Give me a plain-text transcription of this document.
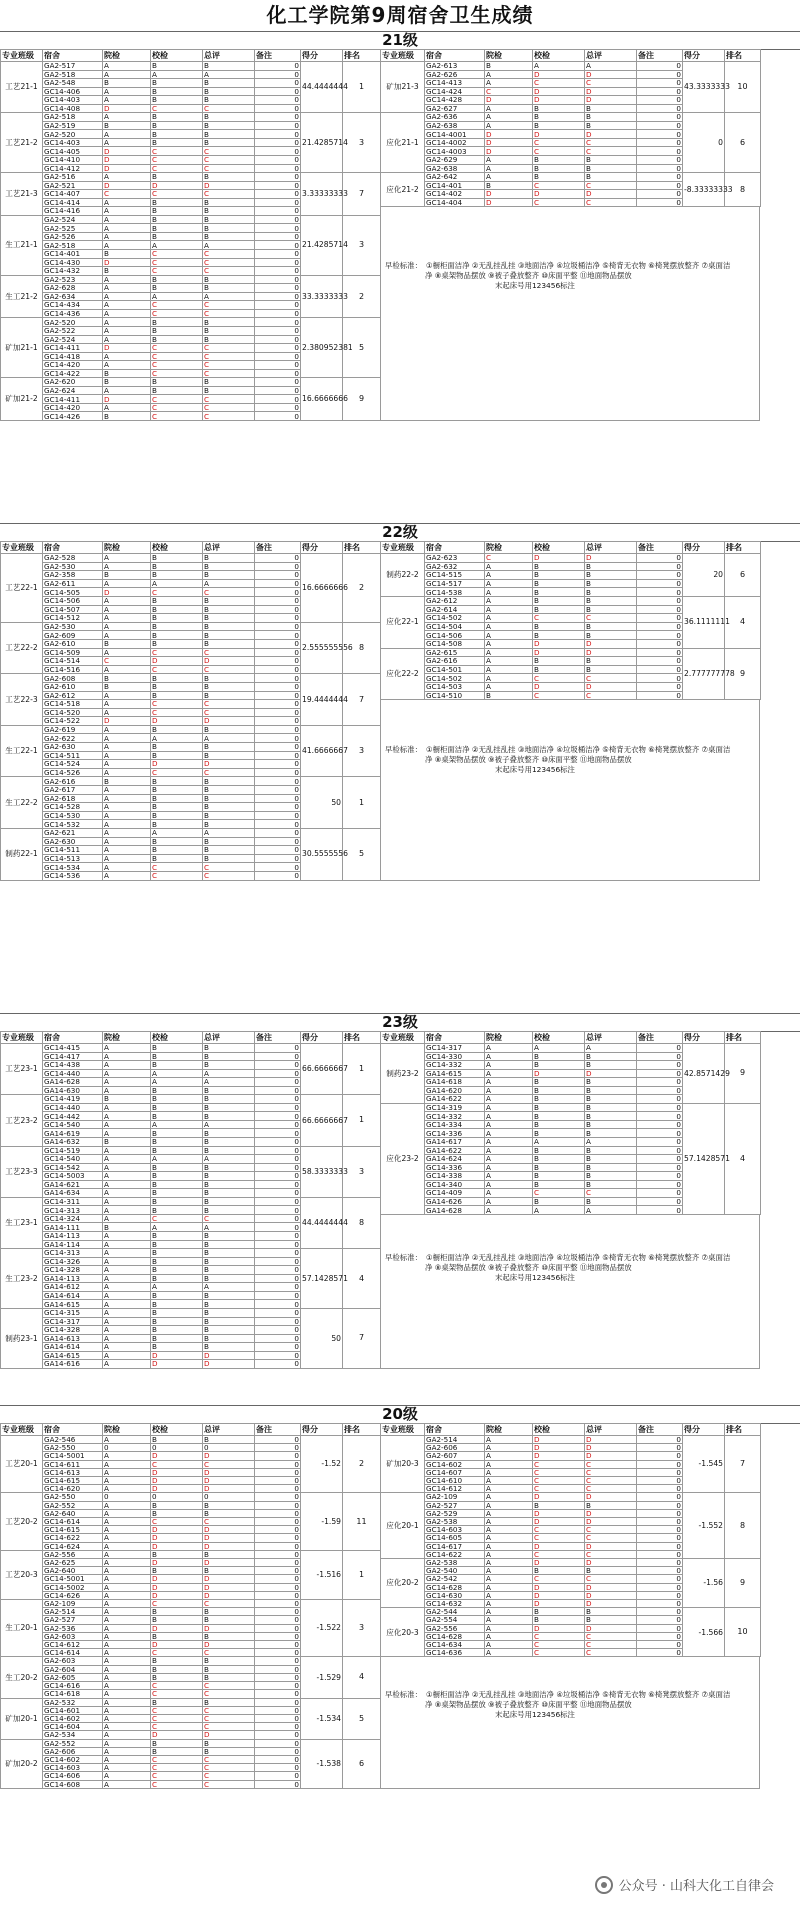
化工学院第9周宿舍卫生成绩
21级
专业班级	宿舍	院检	校检	总评	备注	得分	排名
工艺21-1	GA2-517	A	B	B	0	44.4444444	1
	GA2-518	A	A	A	0		
	GA2-548	B	B	B	0		
	GC14-406	A	B	B	0		
	GC14-403	A	B	B	0		
	GC14-408	D	C	C	0		
工艺21-2	GA2-518	A	B	B	0	21.4285714	3
	GA2-519	B	B	B	0		
	GA2-520	A	B	B	0		
	GC14-403	A	B	B	0		
	GC14-405	D	C	C	0		
	GC14-410	D	C	C	0		
	GC14-412	D	C	C	0		
工艺21-3	GA2-516	A	B	B	0	3.33333333	7
	GA2-521	D	D	D	0		
	GC14-407	C	C	C	0		
	GC14-414	A	B	B	0		
	GC14-416	A	B	B	0		
生工21-1	GA2-524	A	B	B	0	21.4285714	3
	GA2-525	A	B	B	0		
	GA2-526	A	B	B	0		
	GA2-518	A	A	A	0		
	GC14-401	B	C	C	0		
	GC14-430	D	C	C	0		
	GC14-432	B	C	C	0		
生工21-2	GA2-523	A	B	B	0	33.3333333	2
	GA2-628	A	B	B	0		
	GA2-634	A	A	A	0		
	GC14-434	A	C	C	0		
	GC14-436	A	C	C	0		
矿加21-1	GA2-520	A	B	B	0	2.380952381	5
	GA2-522	A	B	B	0		
	GA2-524	A	B	B	0		
	GC14-411	D	C	C	0		
	GC14-418	A	C	C	0		
	GC14-420	A	C	C	0		
	GC14-422	B	C	C	0		
矿加21-2	GA2-620	B	B	B	0	16.6666666	9
	GA2-624	A	B	B	0		
	GC14-411	D	C	C	0		
	GC14-420	A	C	C	0		
	GC14-426	B	C	C	0		
专业班级	宿舍	院检	校检	总评	备注	得分	排名
矿加21-3	GA2-613	B	A	A	0	43.3333333	10
	GA2-626	A	D	D	0		
	GC14-413	A	C	C	0		
	GC14-424	C	D	D	0		
	GC14-428	D	D	D	0		
	GA2-627	A	B	B	0		
应化21-1	GA2-636	A	B	B	0	0	6
	GA2-638	A	B	B	0		
	GC14-4001	D	D	D	0		
	GC14-4002	D	C	C	0		
	GC14-4003	D	C	C	0		
	GA2-629	A	B	B	0		
	GA2-638	A	B	B	0		
应化21-2	GA2-642	A	B	B	0	-8.33333333	8
	GC14-401	B	C	C	0		
	GC14-402	D	D	D	0		
	GC14-404	D	C	C	0		
22级
专业班级	宿舍	院检	校检	总评	备注	得分	排名
工艺22-1	GA2-528	A	B	B	0	16.6666666	2
	GA2-530	A	B	B	0		
	GA2-358	B	B	B	0		
	GA2-611	A	A	A	0		
	GC14-505	D	C	C	0		
	GC14-506	A	B	B	0		
	GC14-507	A	B	B	0		
	GC14-512	A	B	B	0		
工艺22-2	GA2-530	A	B	B	0	2.555555556	8
	GA2-609	A	B	B	0		
	GA2-610	B	B	B	0		
	GC14-509	A	C	C	0		
	GC14-514	C	D	D	0		
	GC14-516	A	C	C	0		
工艺22-3	GA2-608	B	B	B	0	19.4444444	7
	GA2-610	B	B	B	0		
	GA2-612	A	B	B	0		
	GC14-518	A	C	C	0		
	GC14-520	A	C	C	0		
	GC14-522	D	D	D	0		
生工22-1	GA2-619	A	B	B	0	41.6666667	3
	GA2-622	A	A	A	0		
	GA2-630	A	B	B	0		
	GC14-511	A	B	B	0		
	GC14-524	A	D	D	0		
	GC14-526	A	C	C	0		
生工22-2	GA2-616	B	B	B	0	50	1
	GA2-617	A	B	B	0		
	GA2-618	A	B	B	0		
	GC14-528	A	B	B	0		
	GC14-530	A	B	B	0		
	GC14-532	A	B	B	0		
制药22-1	GA2-621	A	A	A	0	30.5555556	5
	GA2-630	A	B	B	0		
	GC14-511	A	B	B	0		
	GC14-513	A	B	B	0		
	GC14-534	A	C	C	0		
	GC14-536	A	C	C	0		
专业班级	宿舍	院检	校检	总评	备注	得分	排名
制药22-2	GA2-623	C	D	D	0	20	6
	GA2-632	A	B	B	0		
	GC14-515	A	B	B	0		
	GC14-517	A	B	B	0		
	GC14-538	A	B	B	0		
应化22-1	GA2-612	A	B	B	0	36.1111111	4
	GA2-614	A	B	B	0		
	GC14-502	A	C	C	0		
	GC14-504	A	B	B	0		
	GC14-506	A	B	B	0		
	GC14-508	A	D	D	0		
应化22-2	GA2-615	A	D	D	0	2.777777778	9
	GA2-616	A	B	B	0		
	GC14-501	A	B	B	0		
	GC14-502	A	C	C	0		
	GC14-503	A	D	D	0		
	GC14-510	B	C	C	0		
23级
专业班级	宿舍	院检	校检	总评	备注	得分	排名
工艺23-1	GC14-415	A	B	B	0	66.6666667	1
	GC14-417	A	B	B	0		
	GC14-438	A	B	B	0		
	GC14-440	A	A	A	0		
	GA14-628	A	A	A	0		
	GA14-630	A	B	B	0		
工艺23-2	GC14-419	B	B	B	0	66.6666667	1
	GC14-440	A	B	B	0		
	GC14-442	A	B	B	0		
	GC14-540	A	A	A	0		
	GA14-619	A	B	B	0		
	GA14-632	B	B	B	0		
工艺23-3	GC14-519	A	B	B	0	58.3333333	3
	GC14-540	A	A	A	0		
	GC14-542	A	B	B	0		
	GC14-5003	A	B	B	0		
	GA14-621	A	B	B	0		
	GA14-634	A	B	B	0		
生工23-1	GC14-311	A	B	B	0	44.4444444	8
	GC14-313	A	B	B	0		
	GC14-324	A	C	C	0		
	GA14-111	B	A	A	0		
	GA14-113	A	B	B	0		
	GA14-114	A	B	B	0		
生工23-2	GC14-313	A	B	B	0	57.1428571	4
	GC14-326	A	B	B	0		
	GC14-328	A	B	B	0		
	GA14-113	A	B	B	0		
	GA14-612	A	A	A	0		
	GA14-614	A	B	B	0		
	GA14-615	A	B	B	0		
制药23-1	GC14-315	A	B	B	0	50	7
	GC14-317	A	B	B	0		
	GC14-328	A	B	B	0		
	GA14-613	A	B	B	0		
	GA14-614	A	B	B	0		
	GA14-615	A	D	D	0		
	GA14-616	A	D	D	0		
专业班级	宿舍	院检	校检	总评	备注	得分	排名
制药23-2	GC14-317	A	A	A	0	42.8571429	9
	GC14-330	A	B	B	0		
	GC14-332	A	B	B	0		
	GA14-615	A	D	D	0		
	GA14-618	A	B	B	0		
	GA14-620	A	B	B	0		
	GA14-622	A	B	B	0		
应化23-2	GC14-319	A	B	B	0	57.1428571	4
	GC14-332	A	B	B	0		
	GC14-334	A	B	B	0		
	GC14-336	A	B	B	0		
	GA14-617	A	A	A	0		
	GA14-622	A	B	B	0		
	GA14-624	A	B	B	0		
	GC14-336	A	B	B	0		
	GC14-338	A	B	B	0		
	GC14-340	A	B	B	0		
	GC14-409	A	C	C	0		
	GA14-626	A	B	B	0		
	GA14-628	A	A	A	0		
20级
专业班级	宿舍	院检	校检	总评	备注	得分	排名
工艺20-1	GA2-546	A	B	B	0	-1.52	2
	GA2-550	0	0	0	0		
	GC14-5001	A	D	D	0		
	GC14-611	A	C	C	0		
	GC14-613	A	D	D	0		
	GC14-615	A	D	D	0		
	GC14-620	A	D	D	0		
工艺20-2	GA2-550	0	0	0	0	-1.59	11
	GA2-552	A	B	B	0		
	GA2-640	A	B	B	0		
	GC14-614	A	C	C	0		
	GC14-615	A	D	D	0		
	GC14-622	A	D	D	0		
	GC14-624	A	D	D	0		
工艺20-3	GA2-556	A	B	B	0	-1.516	1
	GA2-625	A	D	D	0		
	GA2-640	A	B	B	0		
	GC14-5001	A	D	D	0		
	GC14-5002	A	D	D	0		
	GC14-626	A	D	D	0		
生工20-1	GA2-109	A	C	C	0	-1.522	3
	GA2-514	A	B	B	0		
	GA2-527	A	B	B	0		
	GA2-536	A	D	D	0		
	GA2-603	A	B	B	0		
	GC14-612	A	D	D	0		
	GC14-614	A	C	C	0		
生工20-2	GA2-603	A	B	B	0	-1.529	4
	GA2-604	A	B	B	0		
	GA2-605	A	B	B	0		
	GC14-616	A	C	C	0		
	GC14-618	A	C	C	0		
矿加20-1	GA2-532	A	B	B	0	-1.534	5
	GC14-601	A	C	C	0		
	GC14-602	A	C	C	0		
	GC14-604	A	C	C	0		
	GA2-534	A	D	D	0		
矿加20-2	GA2-552	A	B	B	0	-1.538	6
	GA2-606	A	B	B	0		
	GC14-602	A	C	C	0		
	GC14-603	A	C	C	0		
	GC14-606	A	C	C	0		
	GC14-608	A	C	C	0		
专业班级	宿舍	院检	校检	总评	备注	得分	排名
矿加20-3	GA2-514	A	D	D	0	-1.545	7
	GA2-606	A	D	D	0		
	GA2-607	A	D	D	0		
	GC14-602	A	C	C	0		
	GC14-607	A	C	C	0		
	GC14-610	A	C	C	0		
	GC14-612	A	C	C	0		
应化20-1	GA2-109	A	D	D	0	-1.552	8
	GA2-527	A	B	B	0		
	GA2-529	A	D	D	0		
	GA2-538	A	D	D	0		
	GC14-603	A	C	C	0		
	GC14-605	A	C	C	0		
	GC14-617	A	D	D	0		
	GC14-622	A	C	C	0		
应化20-2	GA2-538	A	D	D	0	-1.56	9
	GA2-540	A	B	B	0		
	GA2-542	A	C	C	0		
	GC14-628	A	D	D	0		
	GC14-630	A	D	D	0		
	GC14-632	A	D	D	0		
应化20-3	GA2-544	A	B	B	0	-1.566	10
	GA2-554	A	B	B	0		
	GA2-556	A	D	D	0		
	GC14-628	A	C	C	0		
	GC14-634	A	C	C	0		
	GC14-636	A	C	C	0		
早检标准： ①橱柜面洁净 ②无乱挂乱挂 ③地面洁净 ④垃圾桶洁净 ⑤椅背无衣物 ⑥椅凳摆放整齐 ⑦桌面洁
净 ⑧桌架物品摆放 ⑨被子叠放整齐 ⑩床面平整 ⑪地面物品摆放
末起床号用123456标注
早检标准： ①橱柜面洁净 ②无乱挂乱挂 ③地面洁净 ④垃圾桶洁净 ⑤椅背无衣物 ⑥椅凳摆放整齐 ⑦桌面洁
净 ⑧桌架物品摆放 ⑨被子叠放整齐 ⑩床面平整 ⑪地面物品摆放
末起床号用123456标注
早检标准： ①橱柜面洁净 ②无乱挂乱挂 ③地面洁净 ④垃圾桶洁净 ⑤椅背无衣物 ⑥椅凳摆放整齐 ⑦桌面洁
净 ⑧桌架物品摆放 ⑨被子叠放整齐 ⑩床面平整 ⑪地面物品摆放
末起床号用123456标注
早检标准： ①橱柜面洁净 ②无乱挂乱挂 ③地面洁净 ④垃圾桶洁净 ⑤椅背无衣物 ⑥椅凳摆放整齐 ⑦桌面洁
净 ⑧桌架物品摆放 ⑨被子叠放整齐 ⑩床面平整 ⑪地面物品摆放
末起床号用123456标注
公众号 · 山科大化工自律会
